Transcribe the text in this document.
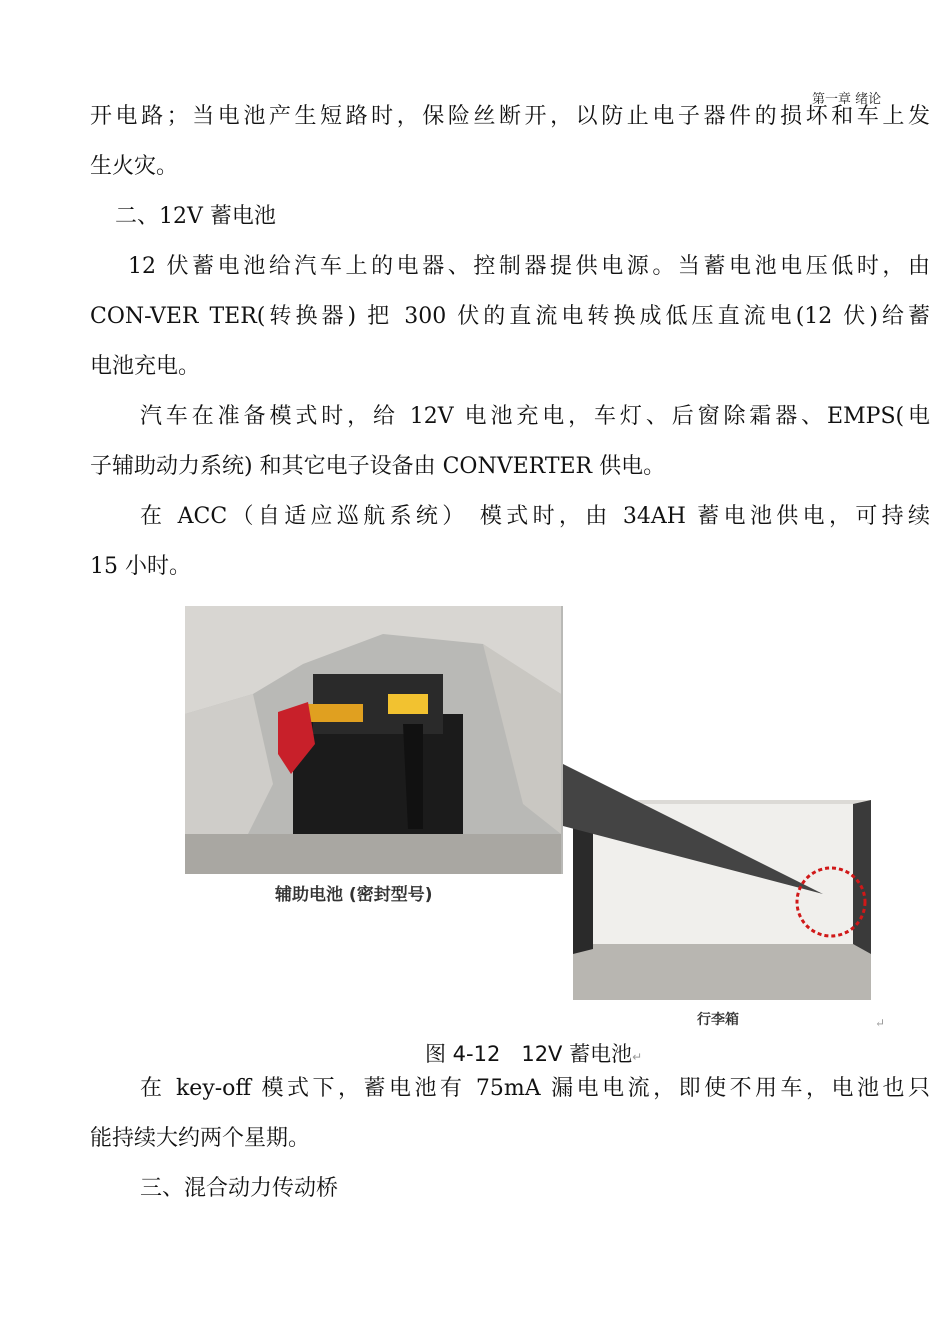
第一章 绪论

开电路；当电池产生短路时，保险丝断开，以防止电子器件的损坏和车上发

生火灾。

二、12V 蓄电池

12 伏蓄电池给汽车上的电器、控制器提供电源。当蓄电池电压低时，由

CON-VER TER(转换器) 把 300 伏的直流电转换成低压直流电(12 伏)给蓄

电池充电。

汽车在准备模式时，给 12V 电池充电，车灯、后窗除霜器、EMPS(电

子辅助动力系统) 和其它电子设备由 CONVERTER 供电。

在 ACC（自适应巡航系统） 模式时，由 34AH 蓄电池供电，可持续

15 小时。

辅助电池 (密封型号)
行李箱	↵
图 4-12　12V 蓄电池↵

在 key-off 模式下，蓄电池有 75mA 漏电电流，即使不用车，电池也只

能持续大约两个星期。

三、混合动力传动桥
